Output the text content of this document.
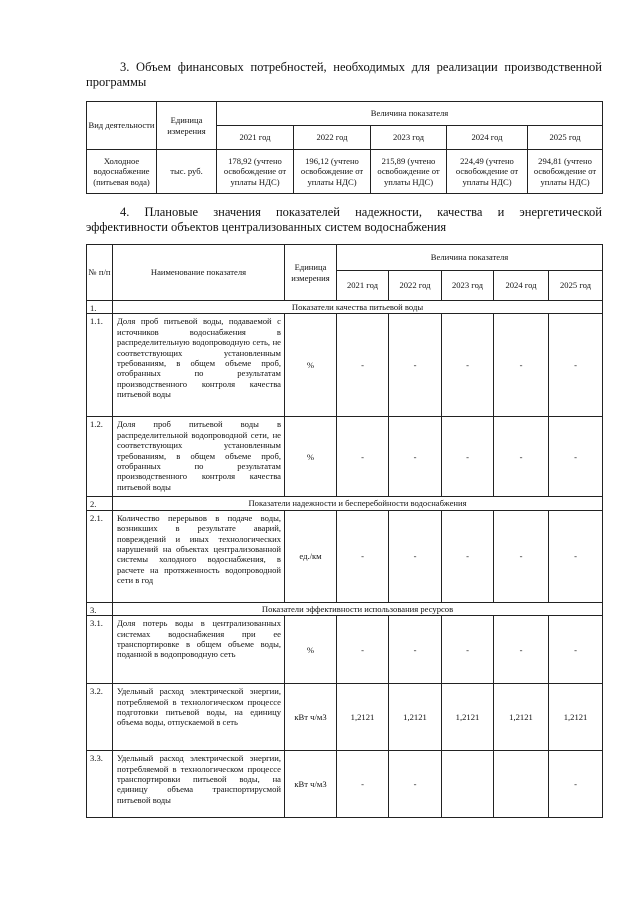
3. Объем финансовых потребностей, необходимых для реализации производственной программы
Вид деятельности	Единица измерения	Величина показателя				
		2021 год	2022 год	2023 год	2024 год	2025 год
Холодное водоснабжение (питьевая вода)	тыс. руб.	178,92 (учтено освобождение от уплаты НДС)	196,12 (учтено освобождение от уплаты НДС)	215,89 (учтено освобождение от уплаты НДС)	224,49 (учтено освобождение от уплаты НДС)	294,81 (учтено освобождение от уплаты НДС)
4. Плановые значения показателей надежности, качества и энергетической эффективности объектов централизованных систем водоснабжения
№ п/п	Наименование показателя	Единица измерения	Величина показателя				
			2021 год	2022 год	2023 год	2024 год	2025 год
1.	Показатели качества питьевой воды						
1.1.	Доля проб питьевой воды, подаваемой с источников водоснабжения в распределительную водопроводную сеть, не соответствующих установленным требованиям, в общем объеме проб, отобранных по результатам производственного контроля качества питьевой воды	%	-	-	-	-	-
1.2.	Доля проб питьевой воды в распределительной водопроводной сети, не соответствующих установленным требованиям, в общем объеме проб, отобранных по результатам производственного контроля качества питьевой воды	%	-	-	-	-	-
2.	Показатели надежности и бесперебойности водоснабжения						
2.1.	Количество перерывов в подаче воды, возникших в результате аварий, повреждений и иных технологических нарушений на объектах централизованной системы холодного водоснабжения, в расчете на протяженность водопроводной сети в год	ед./км	-	-	-	-	-
3.	Показатели эффективности использования ресурсов						
3.1.	Доля потерь воды в централизованных системах водоснабжения при ее транспортировке в общем объеме воды, поданной в водопроводную сеть	%	-	-	-	-	-
3.2.	Удельный расход электрической энергии, потребляемой в технологическом процессе подготовки питьевой воды, на единицу объема воды, отпускаемой в сеть	кВт ч/м3	1,2121	1,2121	1,2121	1,2121	1,2121
3.3.	Удельный расход электрической энергии, потребляемой в технологическом процессе транспортировки питьевой воды, на единицу объема транспортирусмой питьевой воды	кВт ч/м3	-	-			-
